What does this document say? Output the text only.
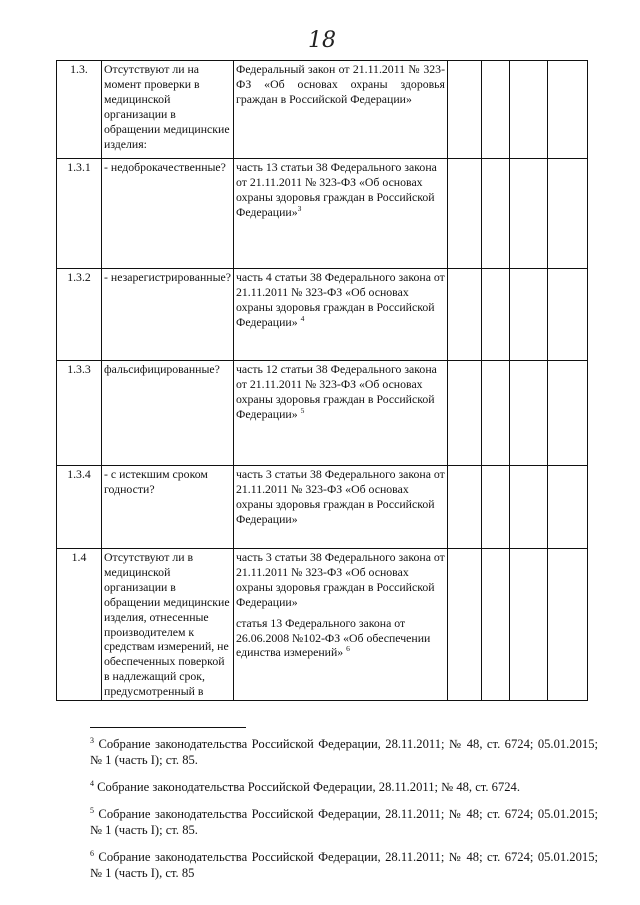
18
1.3.	Отсутствуют ли на момент проверки в медицинской организации в обращении медицинские изделия:	Федеральный закон от 21.11.2011 № 323-ФЗ «Об основах охраны здоровья граждан в Российской Федерации»				

1.3.1	- недоброкачественные?	часть 13 статьи 38 Федерального закона от 21.11.2011 № 323-ФЗ «Об основах охраны здоровья граждан в Российской Федерации»$^3$

1.3.2	- незарегистрированные?	часть 4 статьи 38 Федерального закона от 21.11.2011 № 323-ФЗ «Об основах охраны здоровья граждан в Российской Федерации» $^4$

1.3.3	фальсифицированные?	часть 12 статьи 38 Федерального закона от 21.11.2011 № 323-ФЗ «Об основах охраны здоровья граждан в Российской Федерации» $^5$

1.3.4	- с истекшим сроком годности?	часть 3 статьи 38 Федерального закона от 21.11.2011 № 323-ФЗ «Об основах охраны здоровья граждан в Российской Федерации»				

1.4	Отсутствуют ли в медицинской организации в обращении медицинские изделия, отнесенные производителем к средствам измерений, не обеспеченных поверкой в надлежащий срок, предусмотренный в	часть 3 статьи 38 Федерального закона от 21.11.2011 № 323-ФЗ «Об основах охраны здоровья граждан в Российской Федерации»
статья 13 Федерального закона от 26.06.2008 №102-ФЗ «Об обеспечении единства измерений» $^6$

$^3$ Собрание законодательства Российской Федерации, 28.11.2011; № 48, ст. 6724; 05.01.2015; № 1 (часть I); ст. 85.

$^4$ Собрание законодательства Российской Федерации, 28.11.2011; № 48, ст. 6724.

$^5$ Собрание законодательства Российской Федерации, 28.11.2011; № 48; ст. 6724; 05.01.2015; № 1 (часть I); ст. 85.

$^6$ Собрание законодательства Российской Федерации, 28.11.2011; № 48; ст. 6724; 05.01.2015; № 1 (часть I), ст. 85
